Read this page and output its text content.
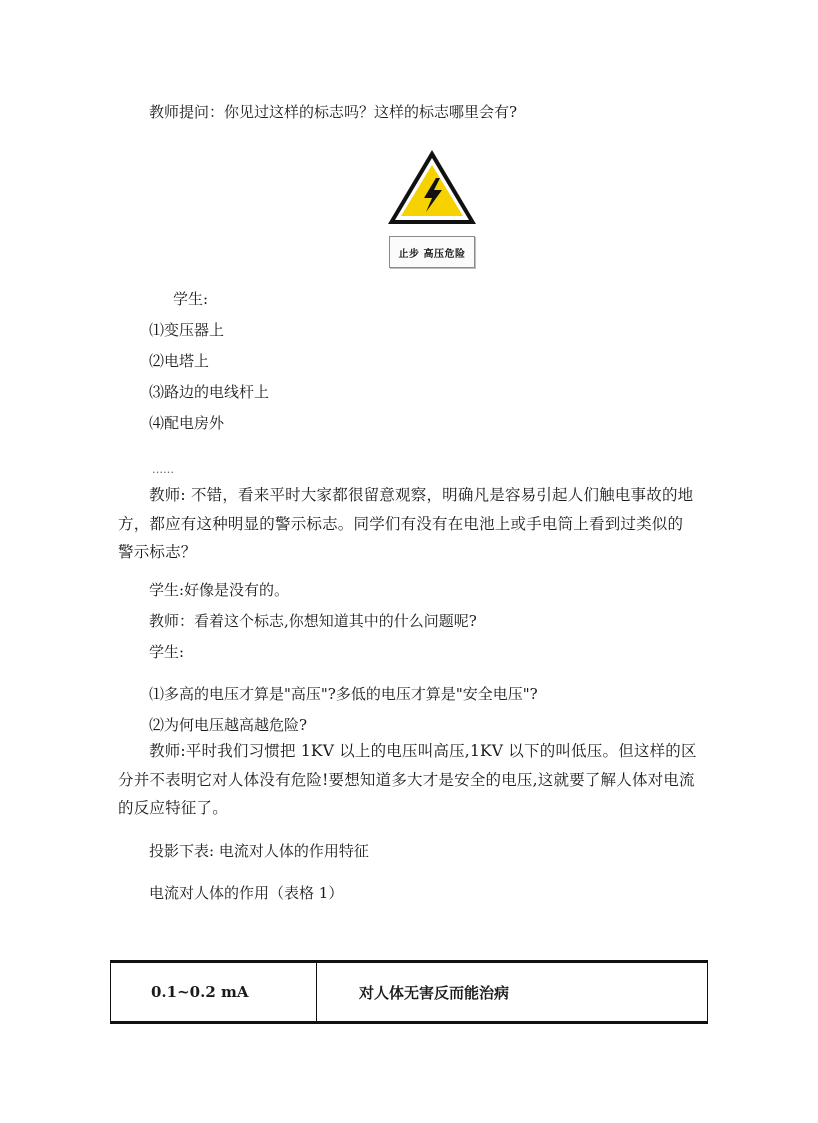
教师提问：你见过这样的标志吗？这样的标志哪里会有?
止步 高压危险
学生:
⑴变压器上
⑵电塔上
⑶路边的电线杆上
⑷配电房外
……
教师: 不错，看来平时大家都很留意观察，明确凡是容易引起人们触电事故的地方，都应有这种明显的警示标志。同学们有没有在电池上或手电筒上看到过类似的警示标志？
学生:好像是没有的。
教师：看着这个标志,你想知道其中的什么问题呢?
学生:
⑴多高的电压才算是"高压"?多低的电压才算是"安全电压"?
⑵为何电压越高越危险?
教师:平时我们习惯把 1KV 以上的电压叫高压,1KV 以下的叫低压。但这样的区分并不表明它对人体没有危险!要想知道多大才是安全的电压,这就要了解人体对电流的反应特征了。
投影下表: 电流对人体的作用特征
电流对人体的作用（表格 1）
0.1~0.2 mA	对人体无害反而能治病
